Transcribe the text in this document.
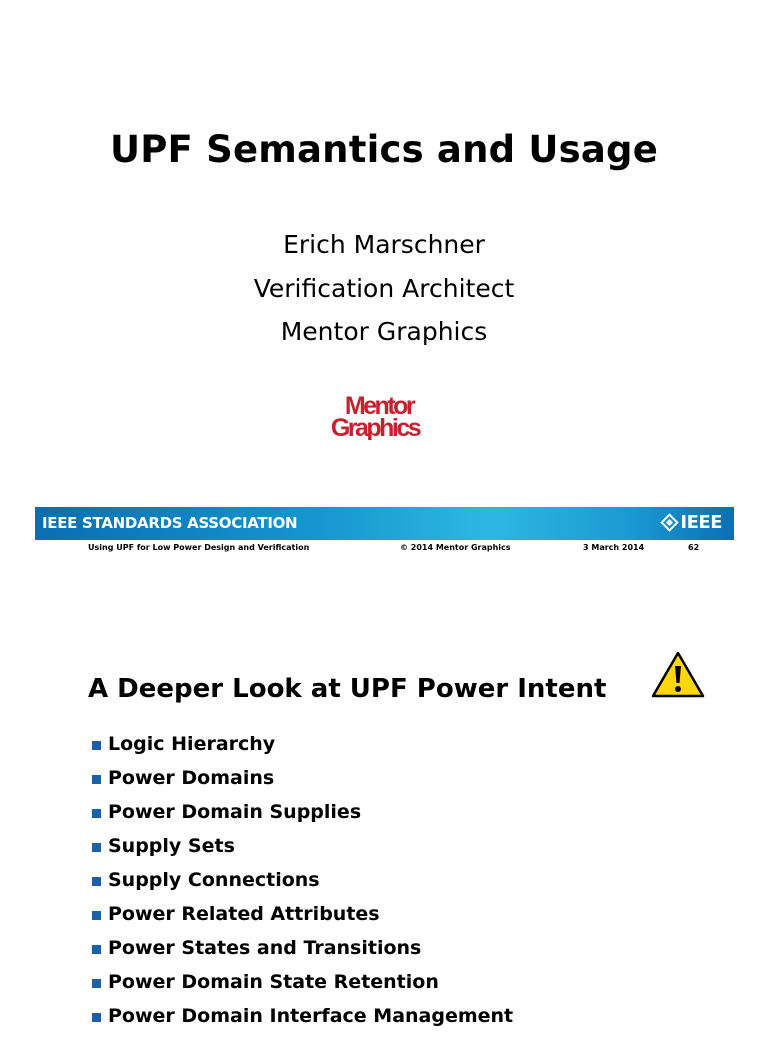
UPF Semantics and Usage
Erich Marschner
Verification Architect
Mentor Graphics
Mentor
Graphics
IEEE STANDARDS ASSOCIATION	IEEE
Using UPF for Low Power Design and Verification	© 2014 Mentor Graphics	3 March 2014	62
A Deeper Look at UPF Power Intent
Logic Hierarchy
Power Domains
Power Domain Supplies
Supply Sets
Supply Connections
Power Related Attributes
Power States and Transitions
Power Domain State Retention
Power Domain Interface Management
